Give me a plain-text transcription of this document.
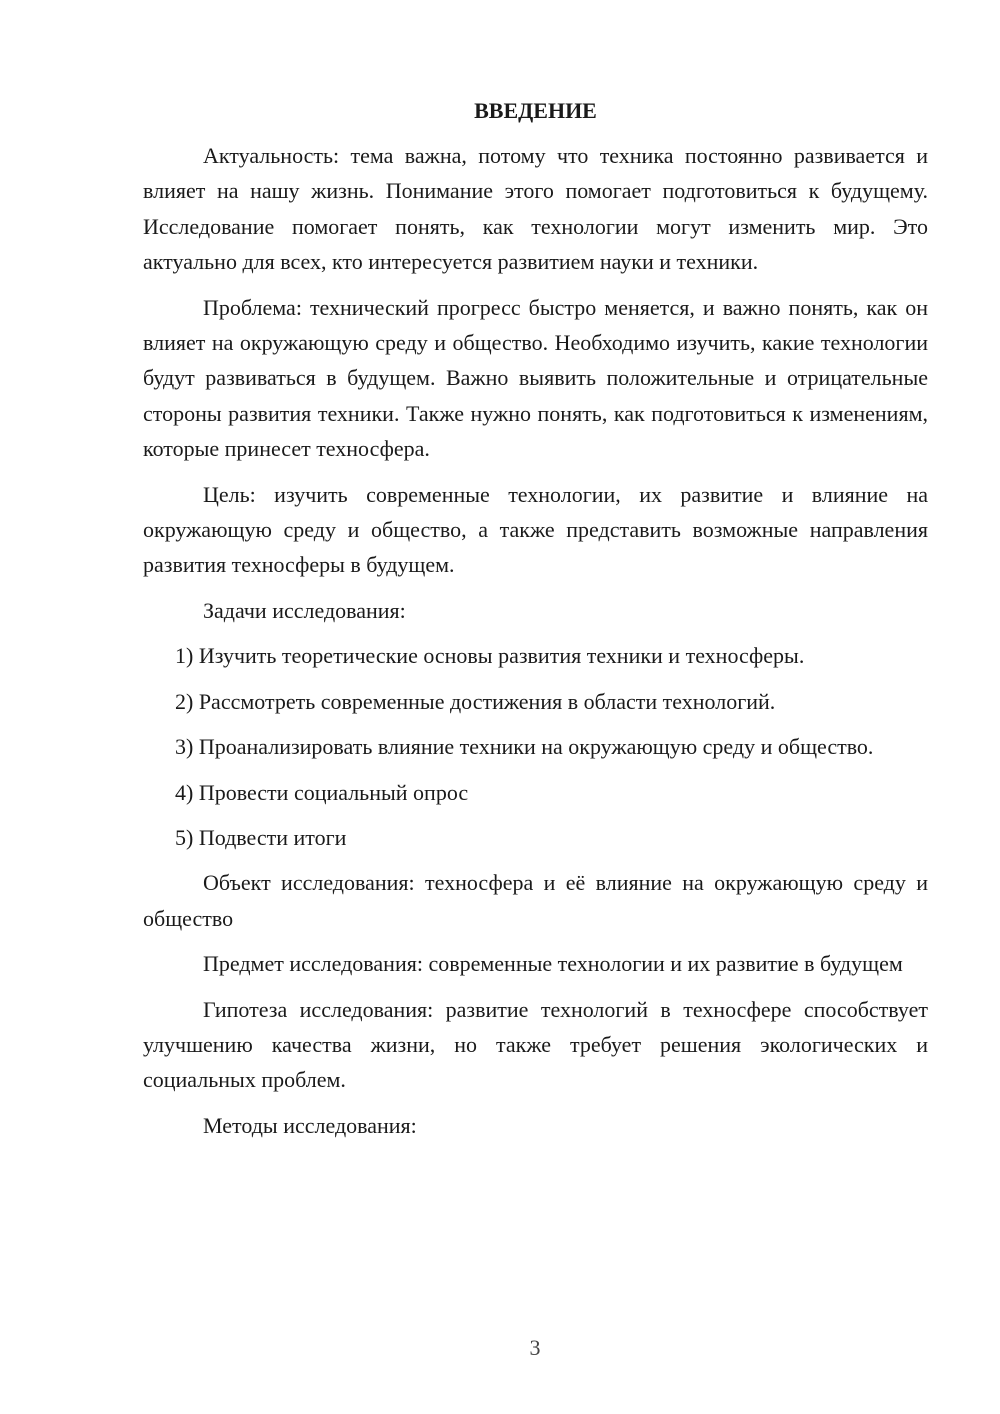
ВВЕДЕНИЕ

Актуальность: тема важна, потому что техника постоянно развивается и влияет на нашу жизнь. Понимание этого помогает подготовиться к будущему. Исследование помогает понять, как технологии могут изменить мир. Это актуально для всех, кто интересуется развитием науки и техники.

Проблема: технический прогресс быстро меняется, и важно понять, как он влияет на окружающую среду и общество. Необходимо изучить, какие технологии будут развиваться в будущем. Важно выявить положительные и отрицательные стороны развития техники. Также нужно понять, как подготовиться к изменениям, которые принесет техносфера.

Цель: изучить современные технологии, их развитие и влияние на окружающую среду и общество, а также представить возможные направления развития техносферы в будущем.

Задачи исследования:

1) Изучить теоретические основы развития техники и техносферы.

2) Рассмотреть современные достижения в области технологий.

3) Проанализировать влияние техники на окружающую среду и общество.

4) Провести социальный опрос

5) Подвести итоги

Объект исследования: техносфера и её влияние на окружающую среду и общество

Предмет исследования: современные технологии и их развитие в будущем

Гипотеза исследования: развитие технологий в техносфере способствует улучшению качества жизни, но также требует решения экологических и социальных проблем.

Методы исследования:

3
